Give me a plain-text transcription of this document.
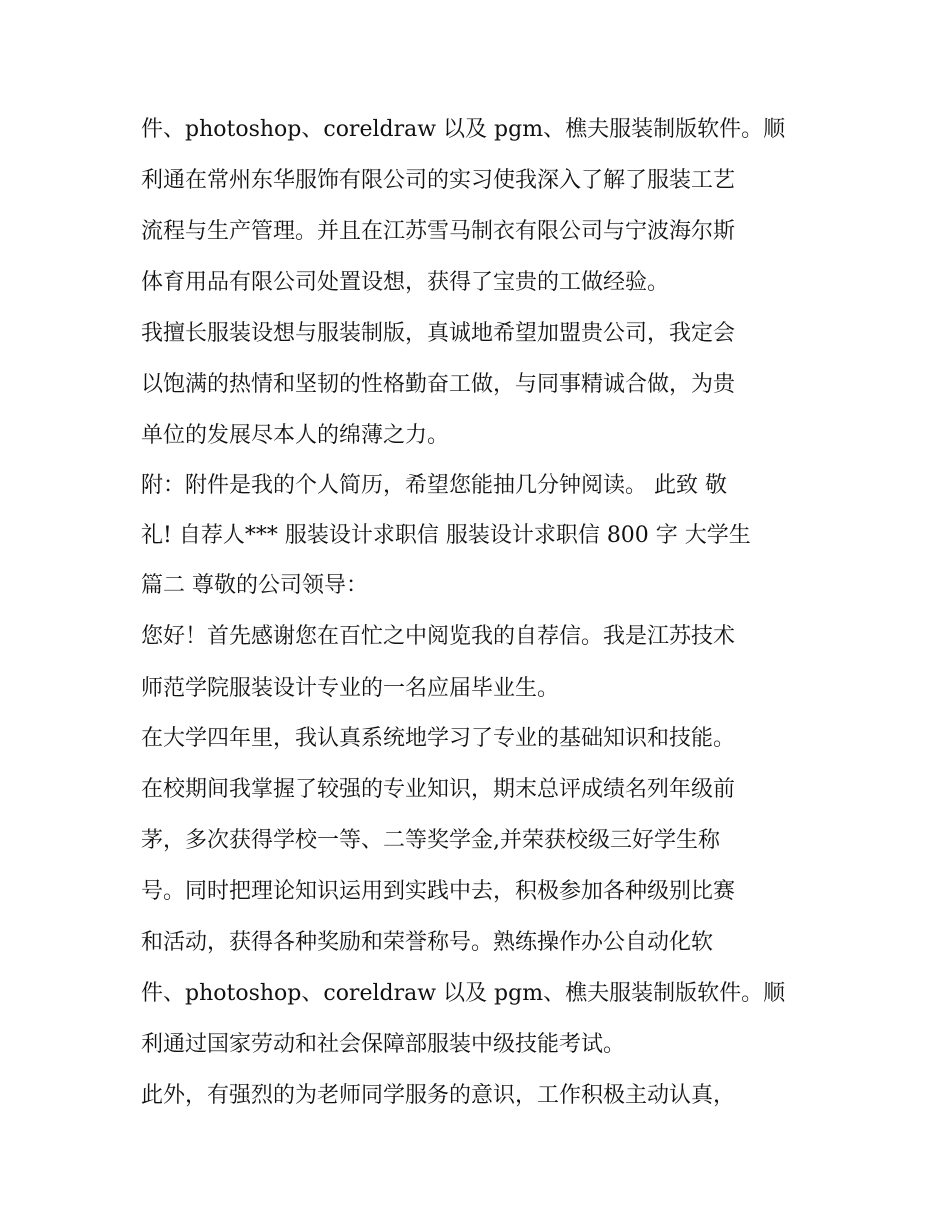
件、photoshop、coreldraw 以及 pgm、樵夫服装制版软件。顺
利通在常州东华服饰有限公司的实习使我深入了解了服装工艺
流程与生产管理。并且在江苏雪马制衣有限公司与宁波海尔斯
体育用品有限公司处置设想，获得了宝贵的工做经验。
我擅长服装设想与服装制版，真诚地希望加盟贵公司，我定会
以饱满的热情和坚韧的性格勤奋工做，与同事精诚合做，为贵
单位的发展尽本人的绵薄之力。
附：附件是我的个人简历，希望您能抽几分钟阅读。 此致 敬
礼! 自荐人*** 服装设计求职信 服装设计求职信 800 字 大学生
篇二 尊敬的公司领导：
您好！首先感谢您在百忙之中阅览我的自荐信。我是江苏技术
师范学院服装设计专业的一名应届毕业生。
在大学四年里，我认真系统地学习了专业的基础知识和技能。
在校期间我掌握了较强的专业知识，期末总评成绩名列年级前
茅，多次获得学校一等、二等奖学金,并荣获校级三好学生称
号。同时把理论知识运用到实践中去，积极参加各种级别比赛
和活动，获得各种奖励和荣誉称号。熟练操作办公自动化软
件、photoshop、coreldraw 以及 pgm、樵夫服装制版软件。顺
利通过国家劳动和社会保障部服装中级技能考试。
此外，有强烈的为老师同学服务的意识，工作积极主动认真，
